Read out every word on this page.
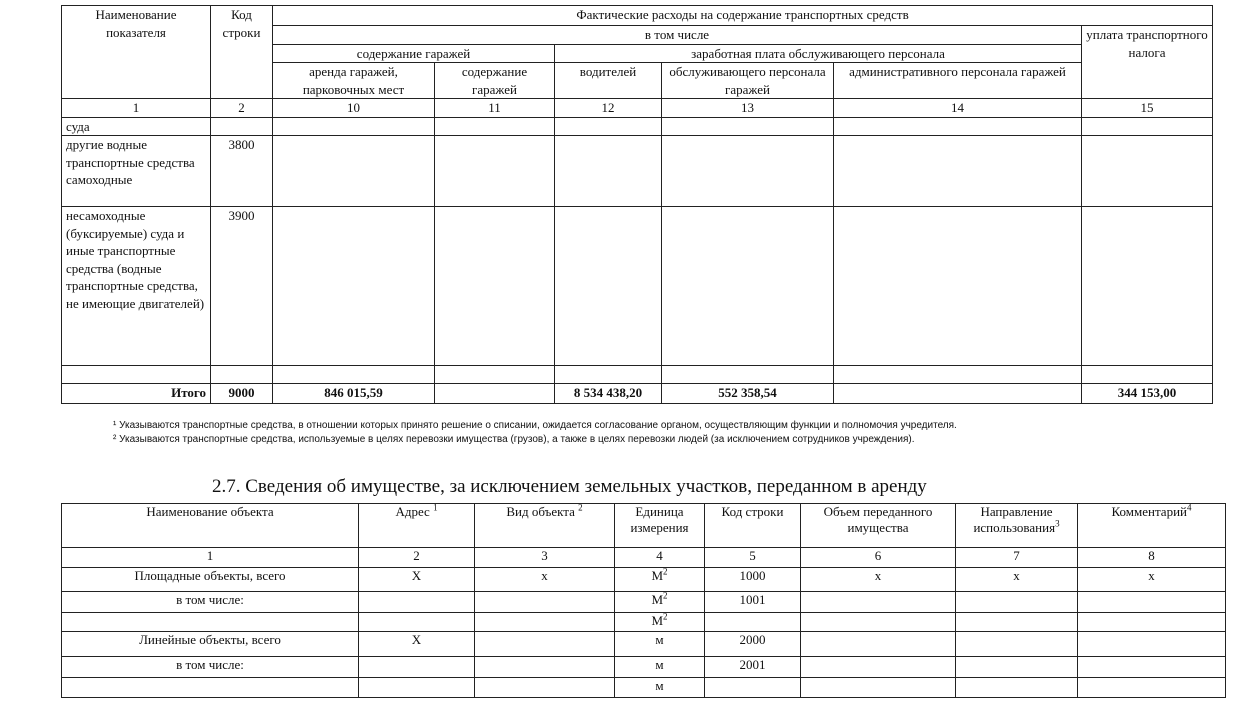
Наименование показателя	Код строки	Фактические расходы на содержание транспортных средств					
		в том числе					уплата транспортного налога
		содержание гаражей		заработная плата обслуживающего персонала			
		аренда гаражей, парковочных мест	содержание гаражей	водителей	обслуживающего персонала гаражей	административного персонала гаражей	
1	2	10	11	12	13	14	15
суда							
другие водные транспортные средства самоходные	3800						
несамоходные (буксируемые) суда и иные транспортные средства (водные транспортные средства, не имеющие двигателей)	3900						

Итого	9000	846 015,59		8 534 438,20	552 358,54		344 153,00
¹ Указываются транспортные средства, в отношении которых принято решение о списании, ожидается согласование органом, осуществляющим функции и полномочия учредителя.
² Указываются транспортные средства, используемые в целях перевозки имущества (грузов), а также в целях перевозки людей (за исключением сотрудников учреждения).
2.7. Сведения об имуществе, за исключением земельных участков, переданном в аренду
Наименование объекта	Адрес $^1$	Вид объекта $^2$	Единица измерения	Код строки	Объем переданного имущества	Направление использования$^3$	Комментарий$^4$
1	2	3	4	5	6	7	8
Площадные объекты, всего	Х	х	$М^2$	1000	х	х	х
в том числе:			$М^2$	1001			
			$М^2$				
Линейные объекты, всего	Х		м	2000			
в том числе:			м	2001			
			м				
